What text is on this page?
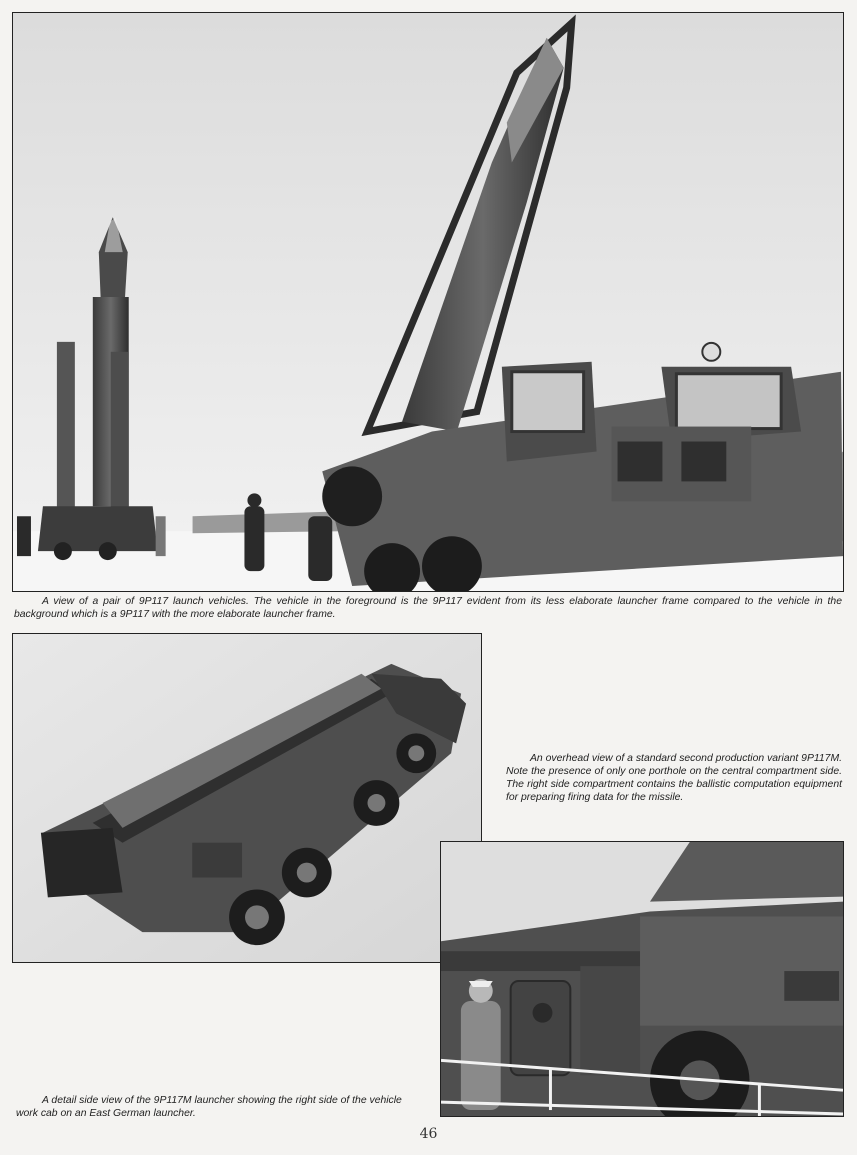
A view of a pair of 9P117 launch vehicles. The vehicle in the foreground is the 9P117 evident from its less elaborate launcher frame compared to the vehicle in the background which is a 9P117 with the more elaborate launcher frame.

An overhead view of a standard second production variant 9P117M. Note the presence of only one porthole on the central compartment side. The right side compartment contains the ballistic computation equipment for preparing firing data for the missile.

A detail side view of the 9P117M launcher showing the right side of the vehicle work cab on an East German launcher.

46
